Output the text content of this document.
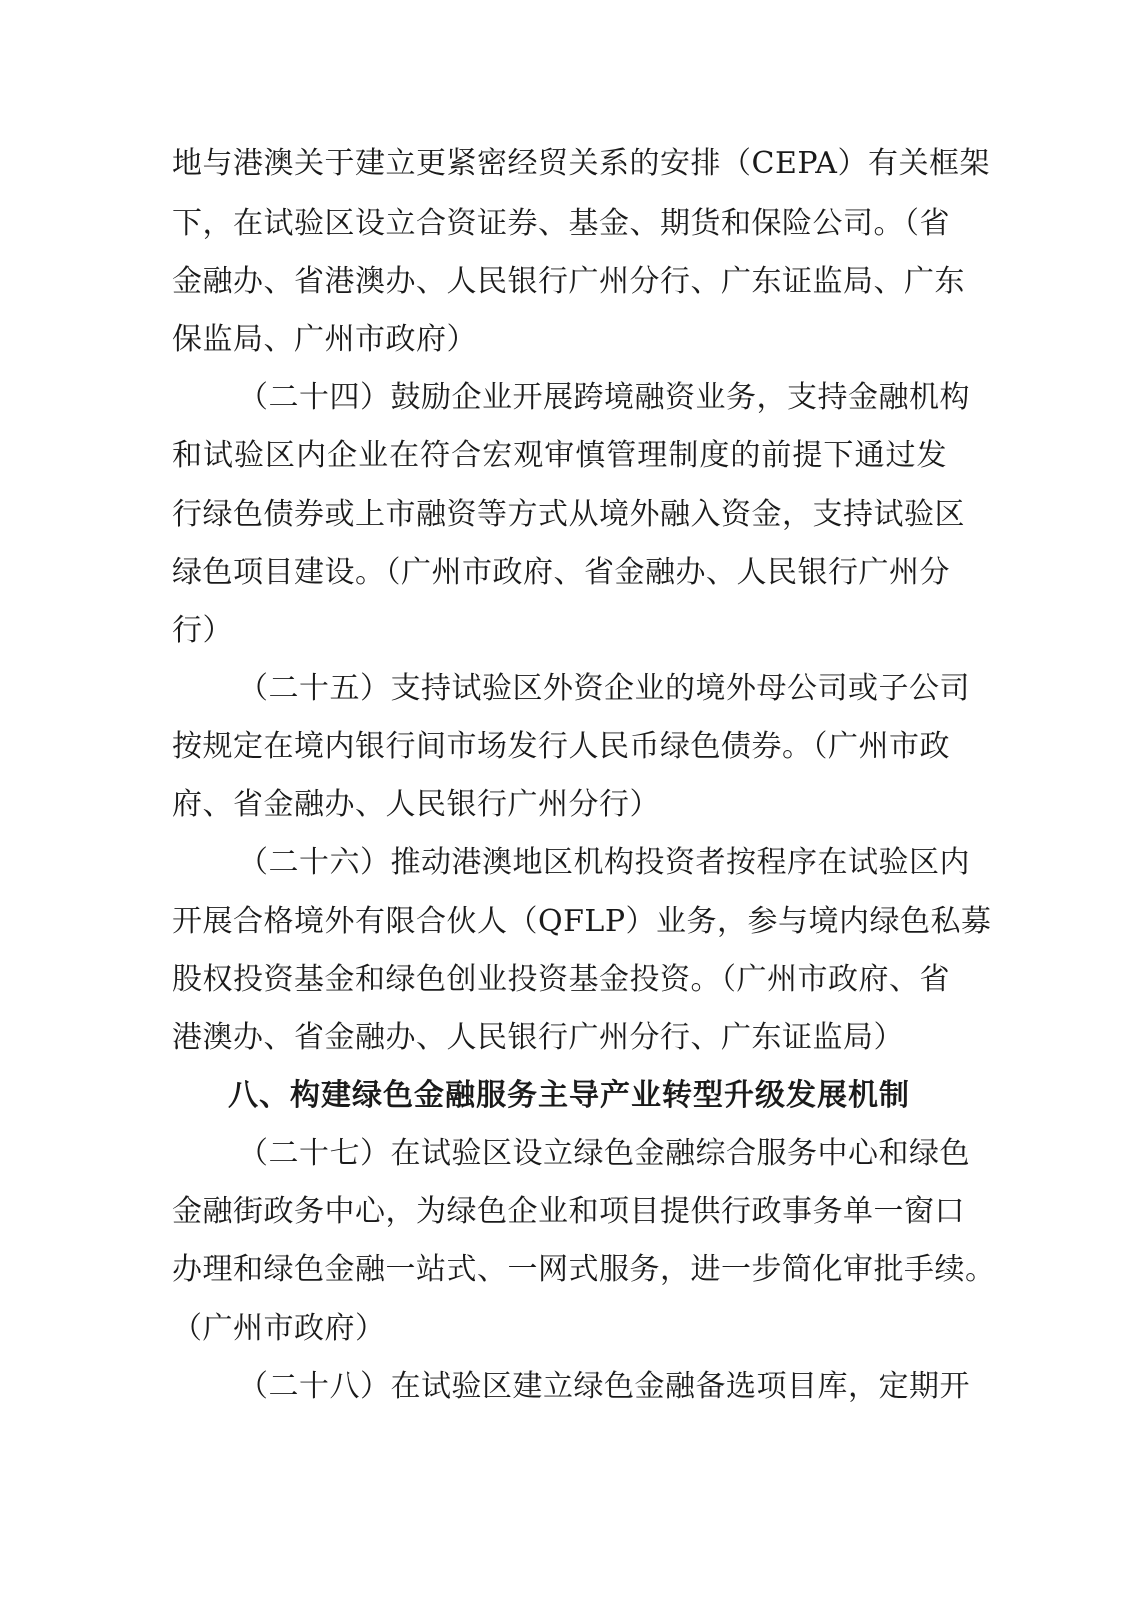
地与港澳关于建立更紧密经贸关系的安排（CEPA）有关框架
下，在试验区设立合资证券、基金、期货和保险公司。（省
金融办、省港澳办、人民银行广州分行、广东证监局、广东
保监局、广州市政府）
（二十四）鼓励企业开展跨境融资业务，支持金融机构
和试验区内企业在符合宏观审慎管理制度的前提下通过发
行绿色债券或上市融资等方式从境外融入资金，支持试验区
绿色项目建设。（广州市政府、省金融办、人民银行广州分
行）
（二十五）支持试验区外资企业的境外母公司或子公司
按规定在境内银行间市场发行人民币绿色债券。（广州市政
府、省金融办、人民银行广州分行）
（二十六）推动港澳地区机构投资者按程序在试验区内
开展合格境外有限合伙人（QFLP）业务，参与境内绿色私募
股权投资基金和绿色创业投资基金投资。（广州市政府、省
港澳办、省金融办、人民银行广州分行、广东证监局）
八、构建绿色金融服务主导产业转型升级发展机制
（二十七）在试验区设立绿色金融综合服务中心和绿色
金融街政务中心，为绿色企业和项目提供行政事务单一窗口
办理和绿色金融一站式、一网式服务，进一步简化审批手续。
（广州市政府）
（二十八）在试验区建立绿色金融备选项目库，定期开
